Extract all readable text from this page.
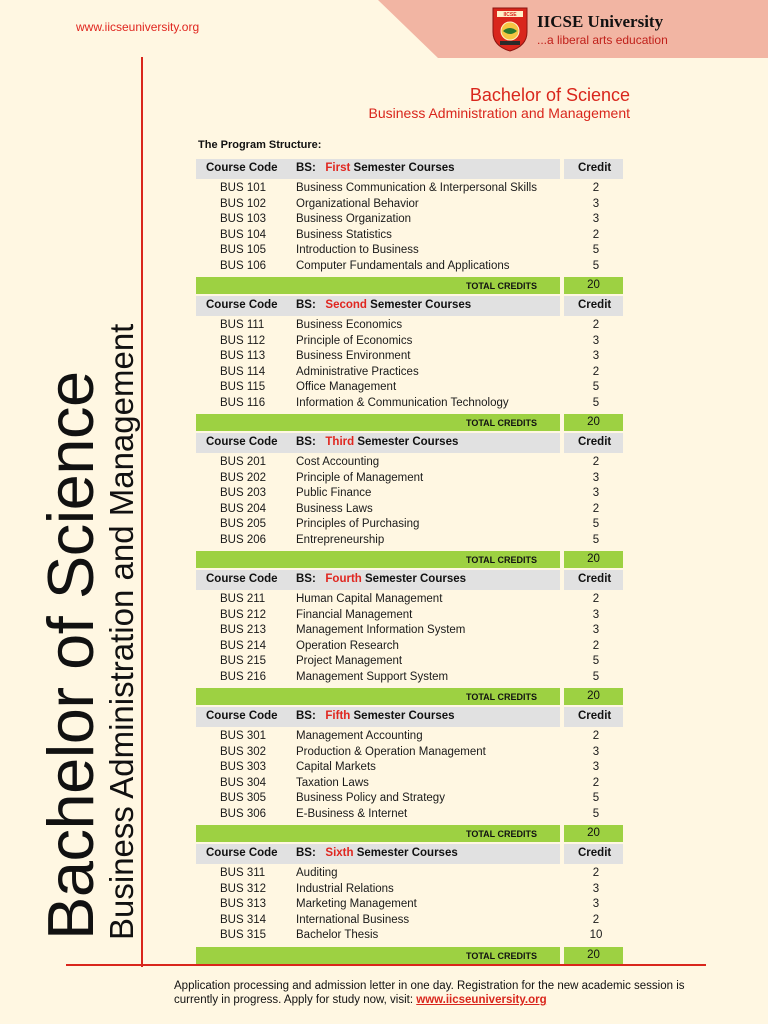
www.iicseuniversity.org
IICSE IICSE University
...a liberal arts education
Bachelor of Science
Business Administration and Management
Bachelor of Science
Business Administration and Management
The Program Structure:
Course Code BS: First Semester Courses	Credit
BUS 101	Business Communication & Interpersonal Skills	2
BUS 102	Organizational Behavior	3
BUS 103	Business Organization	3
BUS 104	Business Statistics	2
BUS 105	Introduction to Business	5
BUS 106	Computer Fundamentals and Applications	5
TOTAL CREDITS	20
Course Code BS: Second Semester Courses	Credit
BUS 111	Business Economics	2
BUS 112	Principle of Economics	3
BUS 113	Business Environment	3
BUS 114	Administrative Practices	2
BUS 115	Office Management	5
BUS 116	Information & Communication Technology	5
TOTAL CREDITS	20
Course Code BS: Third Semester Courses	Credit
BUS 201	Cost Accounting	2
BUS 202	Principle of Management	3
BUS 203	Public Finance	3
BUS 204	Business Laws	2
BUS 205	Principles of Purchasing	5
BUS 206	Entrepreneurship	5
TOTAL CREDITS	20
Course Code BS: Fourth Semester Courses	Credit
BUS 211	Human Capital Management	2
BUS 212	Financial Management	3
BUS 213	Management Information System	3
BUS 214	Operation Research	2
BUS 215	Project Management	5
BUS 216	Management Support System	5
TOTAL CREDITS	20
Course Code BS: Fifth Semester Courses	Credit
BUS 301	Management Accounting	2
BUS 302	Production & Operation Management	3
BUS 303	Capital Markets	3
BUS 304	Taxation Laws	2
BUS 305	Business Policy and Strategy	5
BUS 306	E-Business & Internet	5
TOTAL CREDITS	20
Course Code BS: Sixth Semester Courses	Credit
BUS 311	Auditing	2
BUS 312	Industrial Relations	3
BUS 313	Marketing Management	3
BUS 314	International Business	2
BUS 315	Bachelor Thesis	10
TOTAL CREDITS	20
Application processing and admission letter in one day. Registration for the new academic session is currently in progress. Apply for study now, visit: www.iicseuniversity.org
